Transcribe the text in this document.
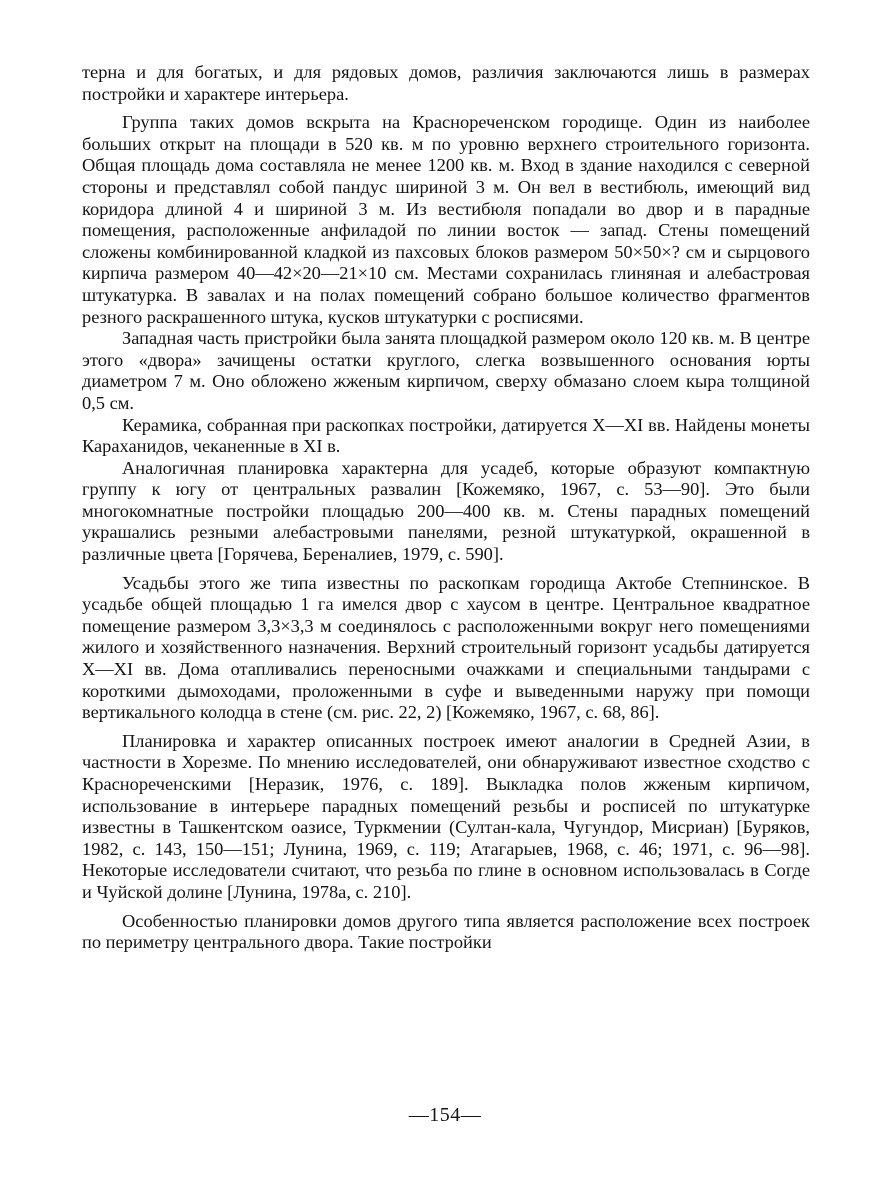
терна и для богатых, и для рядовых домов, различия заключаются лишь в размерах постройки и характере интерьера.

Группа таких домов вскрыта на Краснореченском городище. Один из наиболее больших открыт на площади в 520 кв. м по уровню верхнего строительного горизонта. Общая площадь дома составляла не менее 1200 кв. м. Вход в здание находился с северной стороны и представлял собой пандус шириной 3 м. Он вел в вестибюль, имеющий вид коридора длиной 4 и шириной 3 м. Из вестибюля попадали во двор и в парадные помещения, расположенные анфиладой по линии восток — запад. Стены помещений сложены комбинированной кладкой из пахсовых блоков размером 50×50×? см и сырцового кирпича размером 40—42×20—21×10 см. Местами сохранилась глиняная и алебастровая штукатурка. В завалах и на полах помещений собрано большое количество фрагментов резного раскрашенного штука, кусков штукатурки с росписями.

Западная часть пристройки была занята площадкой размером около 120 кв. м. В центре этого «двора» зачищены остатки круглого, слегка возвышенного основания юрты диаметром 7 м. Оно обложено жженым кирпичом, сверху обмазано слоем кыра толщиной 0,5 см.

Керамика, собранная при раскопках постройки, датируется X—XI вв. Найдены монеты Караханидов, чеканенные в XI в.

Аналогичная планировка характерна для усадеб, которые образуют компактную группу к югу от центральных развалин [Кожемяко, 1967, с. 53—90]. Это были многокомнатные постройки площадью 200—400 кв. м. Стены парадных помещений украшались резными алебастровыми панелями, резной штукатуркой, окрашенной в различные цвета [Горячева, Береналиев, 1979, с. 590].

Усадьбы этого же типа известны по раскопкам городища Актобе Степнинское. В усадьбе общей площадью 1 га имелся двор с хаусом в центре. Центральное квадратное помещение размером 3,3×3,3 м соединялось с расположенными вокруг него помещениями жилого и хозяйственного назначения. Верхний строительный горизонт усадьбы датируется X—XI вв. Дома отапливались переносными очажками и специальными тандырами с короткими дымоходами, проложенными в суфе и выведенными наружу при помощи вертикального колодца в стене (см. рис. 22, 2) [Кожемяко, 1967, с. 68, 86].

Планировка и характер описанных построек имеют аналогии в Средней Азии, в частности в Хорезме. По мнению исследователей, они обнаруживают известное сходство с Краснореченскими [Неразик, 1976, с. 189]. Выкладка полов жженым кирпичом, использование в интерьере парадных помещений резьбы и росписей по штукатурке известны в Ташкентском оазисе, Туркмении (Султан-кала, Чугундор, Мисриан) [Буряков, 1982, с. 143, 150—151; Лунина, 1969, с. 119; Атагарыев, 1968, с. 46; 1971, с. 96—98]. Некоторые исследователи считают, что резьба по глине в основном использовалась в Согде и Чуйской долине [Лунина, 1978а, с. 210].

Особенностью планировки домов другого типа является расположение всех построек по периметру центрального двора. Такие постройки

—154—
